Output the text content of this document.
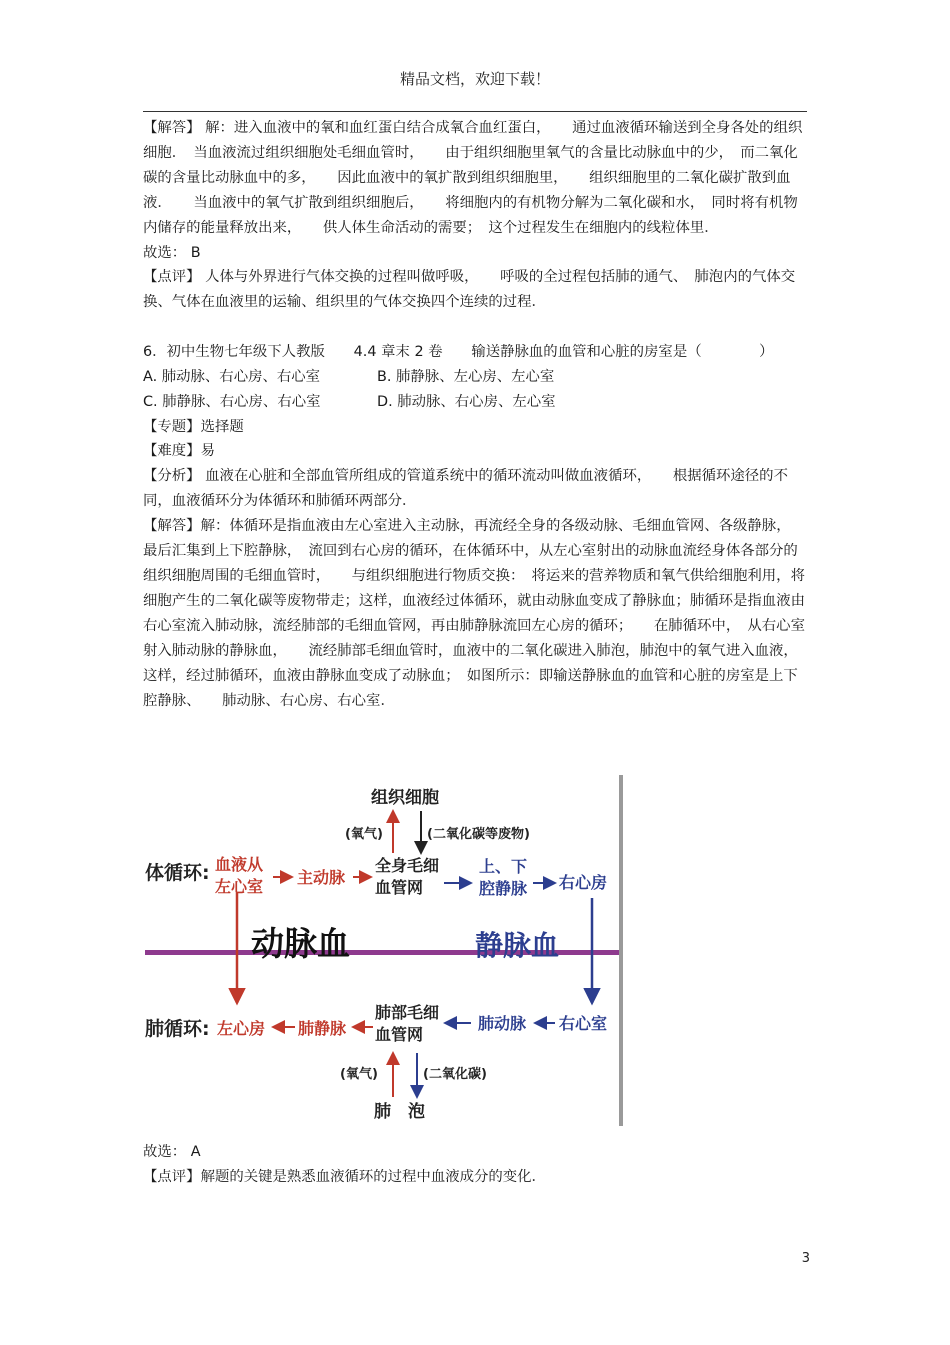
精品文档，欢迎下载！

【解答】 解：进入血液中的氧和血红蛋白结合成氧合血红蛋白，　　通过血液循环输送到全身各处的组织细胞．　当血液流过组织细胞处毛细血管时，　　由于组织细胞里氧气的含量比动脉血中的少，　而二氧化碳的含量比动脉血中的多，　　因此血液中的氧扩散到组织细胞里，　　组织细胞里的二氧化碳扩散到血液．　　当血液中的氧气扩散到组织细胞后，　　将细胞内的有机物分解为二氧化碳和水，　同时将有机物内储存的能量释放出来，　　供人体生命活动的需要；　这个过程发生在细胞内的线粒体里．

故选： B

【点评】 人体与外界进行气体交换的过程叫做呼吸，　　呼吸的全过程包括肺的通气、　肺泡内的气体交换、气体在血液里的运输、组织里的气体交换四个连续的过程．

6．初中生物七年级下人教版　　4.4 章末 2 卷　　输送静脉血的血管和心脏的房室是（　　　　）

A. 肺动脉、右心房、右心室	B. 肺静脉、左心房、左心室
C. 肺静脉、右心房、右心室	D. 肺动脉、右心房、左心室

【专题】选择题

【难度】易

【分析】 血液在心脏和全部血管所组成的管道系统中的循环流动叫做血液循环，　　根据循环途径的不同，血液循环分为体循环和肺循环两部分．

【解答】解：体循环是指血液由左心室进入主动脉，再流经全身的各级动脉、毛细血管网、各级静脉，　最后汇集到上下腔静脉，　流回到右心房的循环，在体循环中，从左心室射出的动脉血流经身体各部分的组织细胞周围的毛细血管时，　　与组织细胞进行物质交换：　将运来的营养物质和氧气供给细胞利用，将细胞产生的二氧化碳等废物带走；这样，血液经过体循环，就由动脉血变成了静脉血；肺循环是指血液由右心室流入肺动脉，流经肺部的毛细血管网，再由肺静脉流回左心房的循环；　　在肺循环中，　从右心室射入肺动脉的静脉血，　　流经肺部毛细血管时，血液中的二氧化碳进入肺泡，肺泡中的氧气进入血液，这样，经过肺循环，血液由静脉血变成了动脉血；　如图所示：即输送静脉血的血管和心脏的房室是上下腔静脉、　　肺动脉、右心房、右心室．

组织细胞
(氧气)	(二氧化碳等废物)
体循环: 血液从
左心室 主动脉
全身毛细
血管网
上、下
腔静脉 右心房
动脉血	静脉血
肺循环: 左心房 肺静脉
肺部毛细
血管网
肺动脉 右心室
(氧气)	(二氧化碳)
肺　泡

故选： A

【点评】解题的关键是熟悉血液循环的过程中血液成分的变化．

3
